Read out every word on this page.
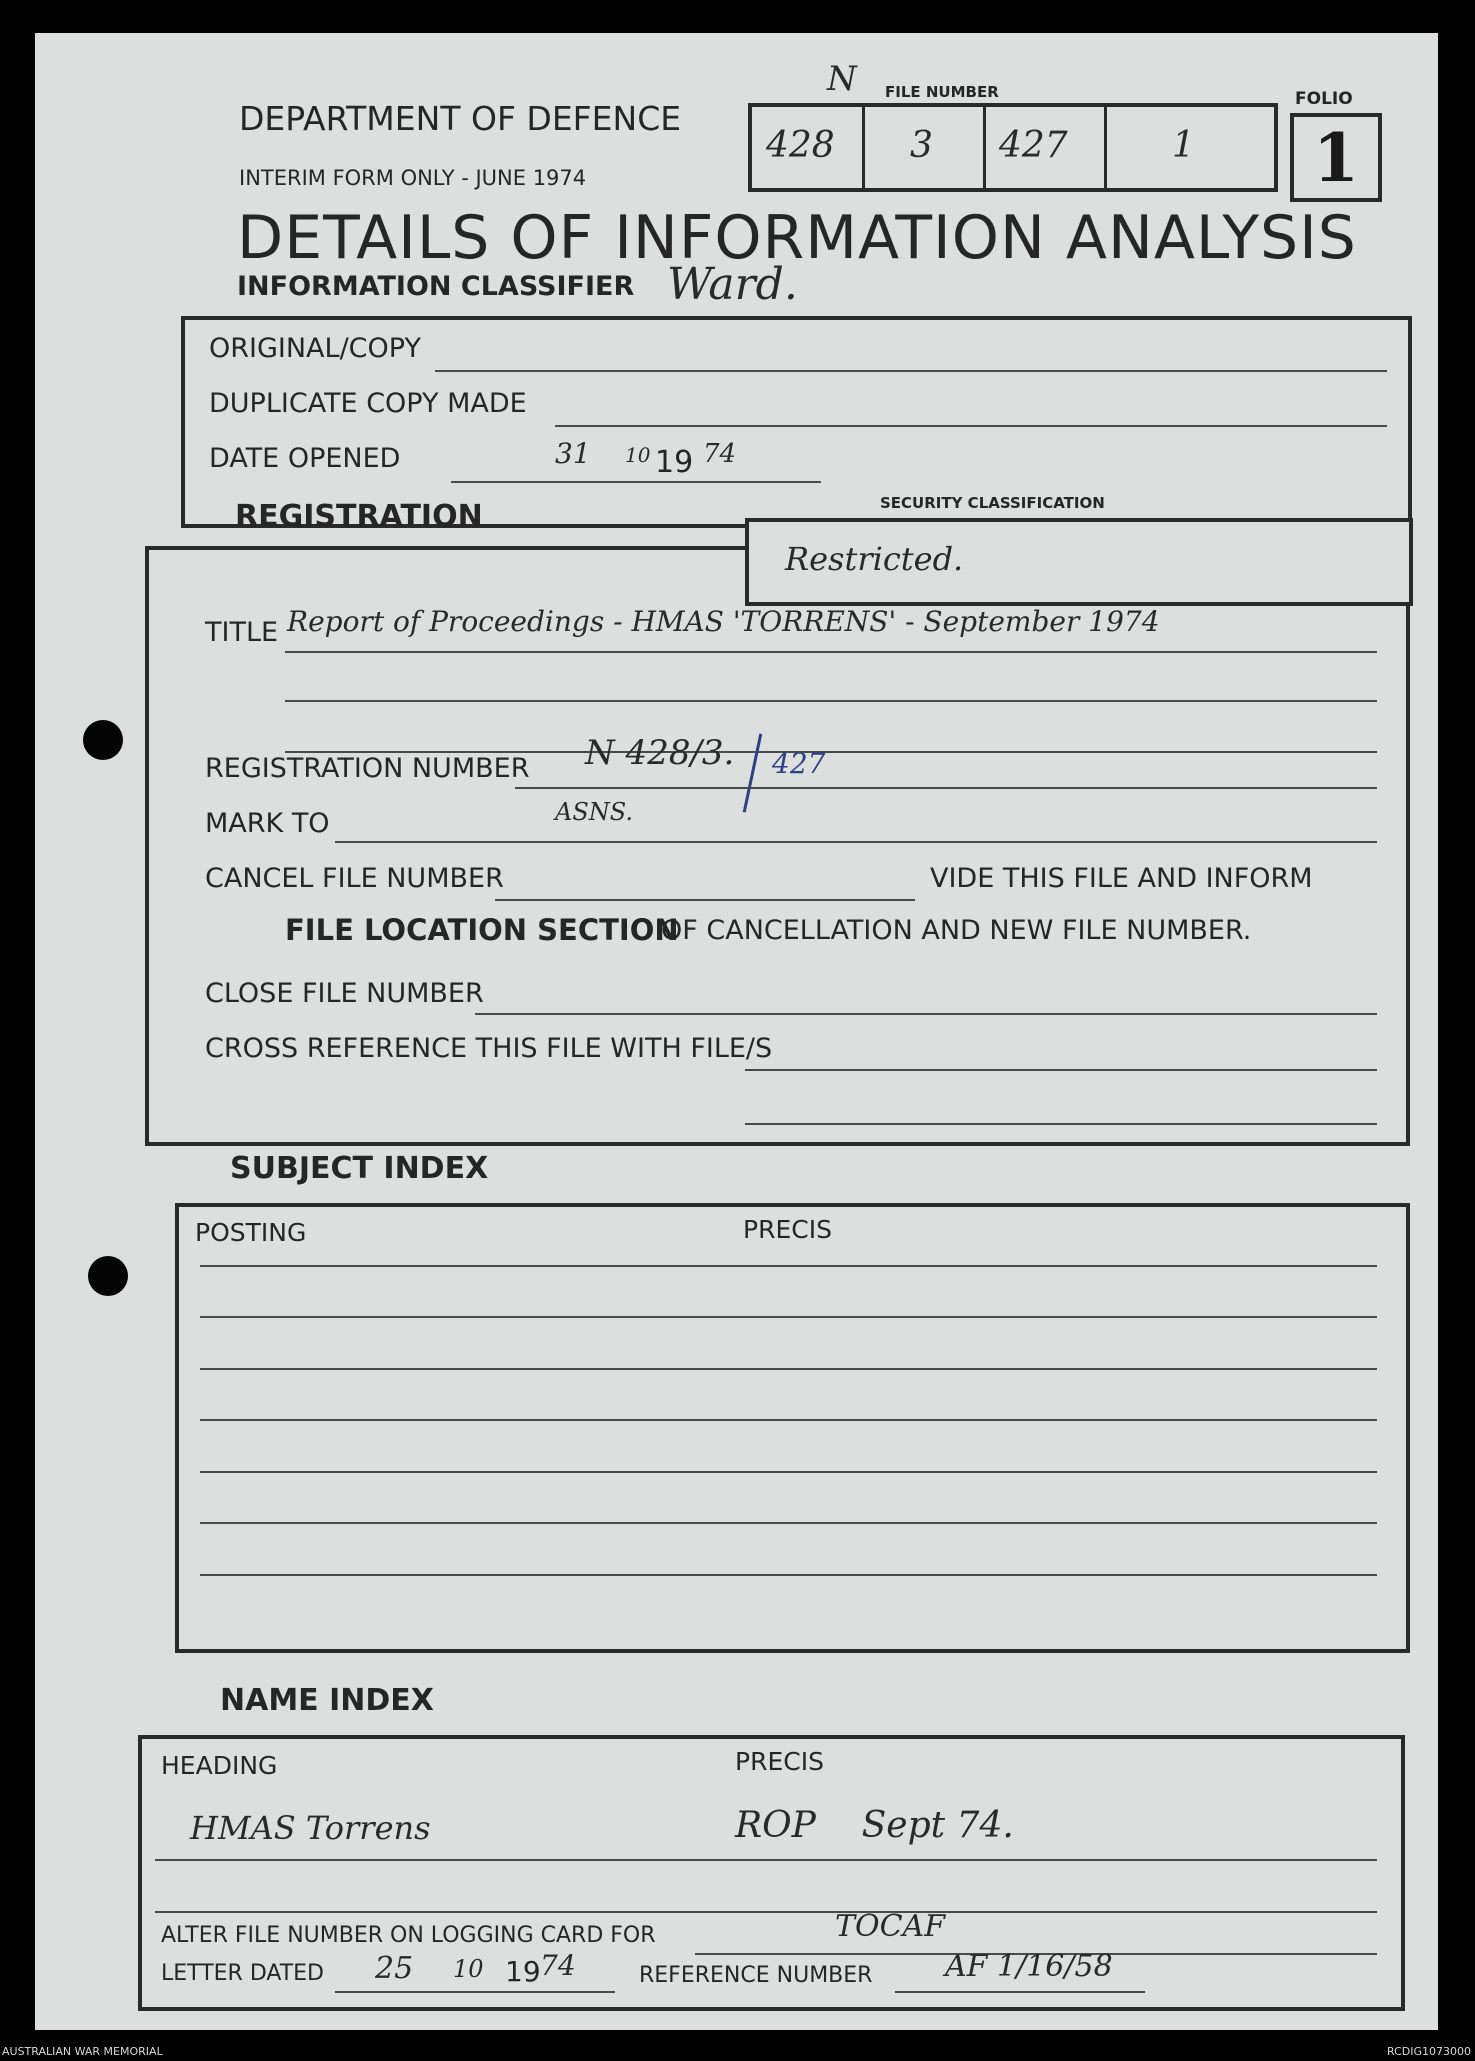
DEPARTMENT OF DEFENCE
INTERIM FORM ONLY - JUNE 1974
DETAILS OF INFORMATION ANALYSIS
INFORMATION CLASSIFIER Ward.
N FILE NUMBER
428 3 427	1
FOLIO
1
ORIGINAL/COPY
DUPLICATE COPY MADE
DATE OPENED	31 10 19 74
REGISTRATION	SECURITY CLASSIFICATION
Restricted.
TITLE Report of Proceedings - HMAS 'TORRENS' - September 1974
REGISTRATION NUMBER N 428/3. 427
MARK TO	ASNS.
CANCEL FILE NUMBER	VIDE THIS FILE AND INFORM
FILE LOCATION SECTION
OF CANCELLATION AND NEW FILE NUMBER.
CLOSE FILE NUMBER
CROSS REFERENCE THIS FILE WITH FILE/S
SUBJECT INDEX
POSTING	PRECIS
NAME INDEX
HEADING	PRECIS
HMAS Torrens	ROP    Sept 74.
ALTER FILE NUMBER ON LOGGING CARD FOR	TOCAF
LETTER DATED 25 10 19 74	REFERENCE NUMBER AF 1/16/58
AUSTRALIAN WAR MEMORIAL	RCDIG1073000
